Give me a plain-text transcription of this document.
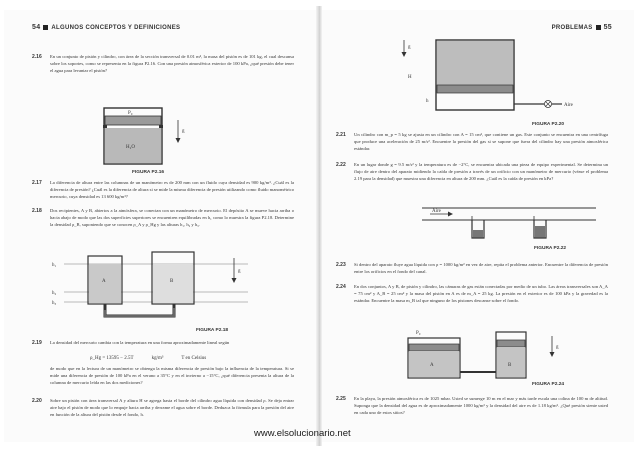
54 ALGUNOS CONCEPTOS Y DEFINICIONES
2.16 En un conjunto de pistón y cilindro, con área de la sección transversal de 0.01 m², la masa del pistón es de 101 kg, el cual descansa sobre los soportes, como se representa en la figura P2.16. Con una presión atmosférica exterior de 100 kPa, ¿qué presión debe tener el agua para levantar el pistón?
P₀
H₂O
g
FIGURA P2.16
2.17 La diferencia de altura entre las columnas de un manómetro es de 200 mm con un fluido cuya densidad es 900 kg/m³. ¿Cuál es la diferencia de presión? ¿Cuál es la diferencia de altura si se mide la misma diferencia de presión utilizando como fluido manométrico mercurio, cuya densidad es 13 600 kg/m³?
2.18 Dos recipientes, A y B, abiertos a la atmósfera, se conectan con un manómetro de mercurio. El depósito A se mueve hacia arriba o hacia abajo de modo que las dos superficies superiores se encuentren equilibradas en h₁ como lo muestra la figura P2.18. Determine la densidad ρ_B, suponiendo que se conocen ρ_A y ρ_Hg y las alturas h₁, h₂ y h₃.
h₁
h₂
h₃
A	B
g
FIGURA P2.18
2.19 La densidad del mercurio cambia con la temperatura en una forma aproximadamente lineal según
ρ_Hg = 13595 − 2.5T	kg/m³	T en Celsius
de modo que en la lectura de un manómetro se obtenga la misma diferencia de presión bajo la influencia de la temperatura. Si se mide una diferencia de presión de 100 kPa en el verano a 35°C y en el invierno a −15°C, ¿qué diferencia presenta la altura de la columna de mercurio leída en las dos mediciones?
2.20 Sobre un pistón con área transversal A y altura H se agrega hasta el borde del cilindro agua líquida con densidad ρ. Se deja entrar aire bajo el pistón de modo que lo empuje hacia arriba y derrame el agua sobre el borde. Deduzca la fórmula para la presión del aire en función de la altura del pistón desde el fondo, h.
PROBLEMAS 55
g
H
h
Aire
FIGURA P2.20
2.21 Un cilindro con m_p = 5 kg se ajusta en un cilindro con A = 15 cm², que contiene un gas. Este conjunto se encuentra en una centrífuga que produce una aceleración de 25 m/s². Encuentre la presión del gas si se supone que fuera del cilindro hay una presión atmosférica estándar.
2.22 En un lugar donde g = 9.5 m/s² y la temperatura es de −2°C, se encuentra ubicada una pieza de equipo experimental. Se determina un flujo de aire dentro del aparato midiendo la caída de presión a través de un orificio con un manómetro de mercurio (véase el problema 2.19 para la densidad) que muestra una diferencia en altura de 200 mm. ¿Cuál es la caída de presión en kPa?
Aire
FIGURA P2.22
2.23 Si dentro del aparato fluye agua líquida con ρ = 1000 kg/m³ en vez de aire, repita el problema anterior. Encuentre la diferencia de presión entre los orificios en el fondo del canal.
2.24 En dos conjuntos, A y B, de pistón y cilindro, las cámaras de gas están conectadas por medio de un tubo. Las áreas transversales son A_A = 75 cm² y A_B = 25 cm² y la masa del pistón en A es de m_A = 25 kg. La presión en el exterior es de 100 kPa y la gravedad es la estándar. Encuentre la masa m_B tal que ninguno de los pistones descanse sobre el fondo.
P₀
A	B
g
FIGURA P2.24
2.25 En la playa, la presión atmosférica es de 1025 mbar. Usted se sumerge 10 m en el mar y más tarde escala una colina de 100 m de altitud. Suponga que la densidad del agua es de aproximadamente 1000 kg/m³ y la densidad del aire es de 1.18 kg/m³. ¿Qué presión siente usted en cada uno de estos sitios?
www.elsolucionario.net
